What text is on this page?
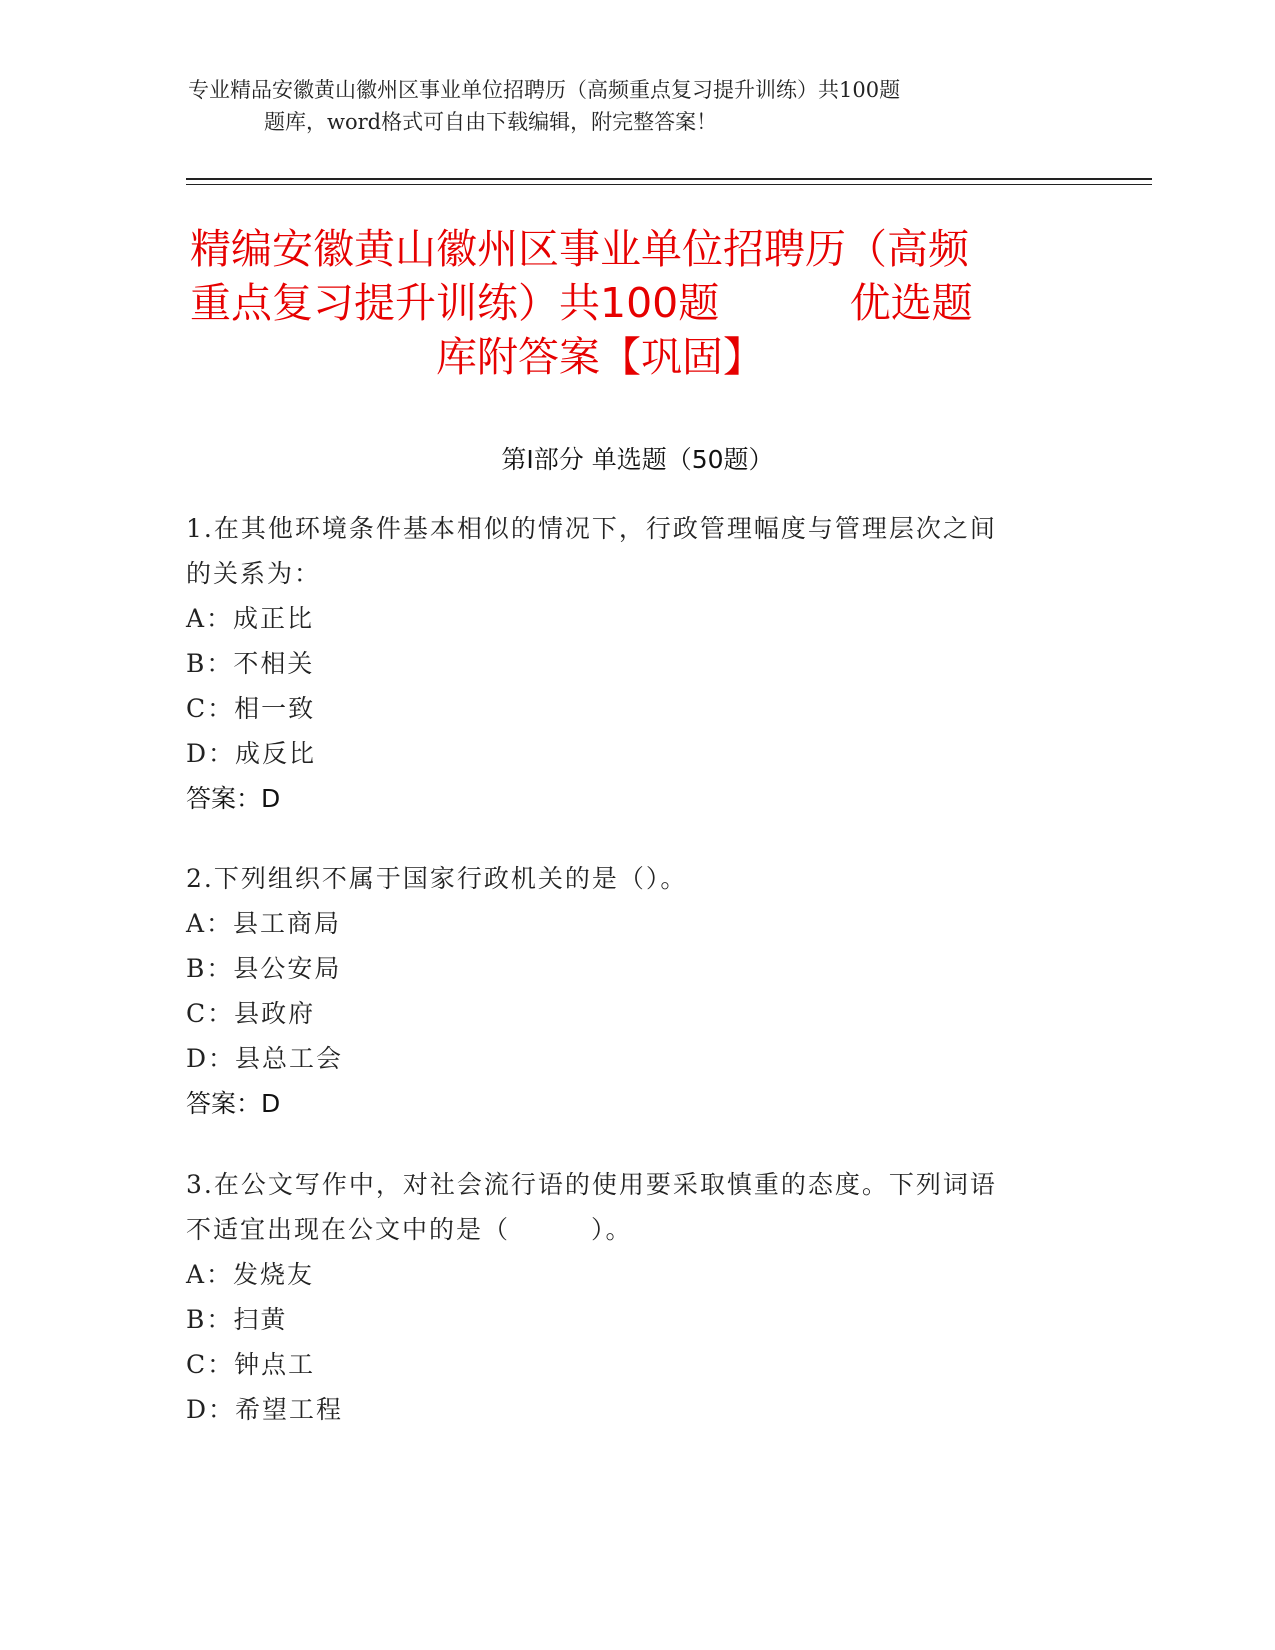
专业精品安徽黄山徽州区事业单位招聘历（高频重点复习提升训练）共100题
题库，word格式可自由下载编辑，附完整答案！
精编安徽黄山徽州区事业单位招聘历（高频
重点复习提升训练）共100题          优选题
库附答案【巩固】
第Ⅰ部分 单选题（50题）
1.在其他环境条件基本相似的情况下，行政管理幅度与管理层次之间
的关系为：
A：成正比
B：不相关
C：相一致
D：成反比
答案：D
2.下列组织不属于国家行政机关的是（）。
A：县工商局
B：县公安局
C：县政府
D：县总工会
答案：D
3.在公文写作中，对社会流行语的使用要采取慎重的态度。下列词语
不适宜出现在公文中的是（　　　）。
A：发烧友
B：扫黄
C：钟点工
D：希望工程
